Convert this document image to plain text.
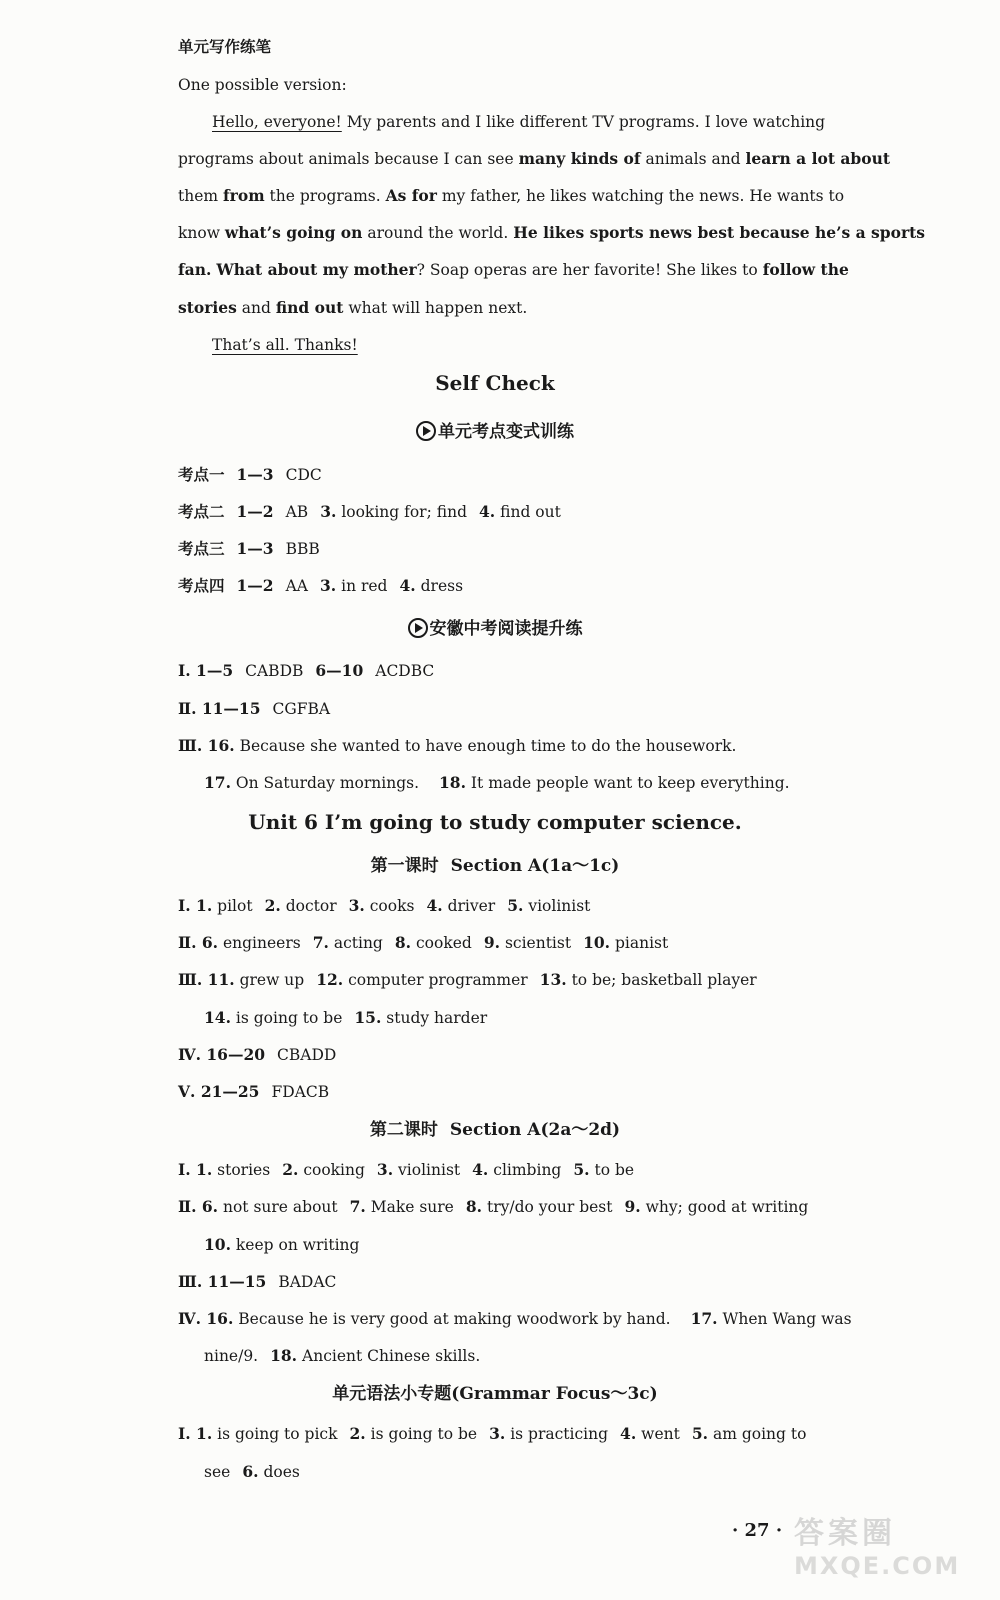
单元写作练笔
One possible version:
Hello, everyone! My parents and I like different TV programs. I love watching
programs about animals because I can see many kinds of animals and learn a lot about
them from the programs. As for my father, he likes watching the news. He wants to
know what’s going on around the world. He likes sports news best because he’s a sports
fan. What about my mother? Soap operas are her favorite! She likes to follow the
stories and find out what will happen next.
That’s all. Thanks!
Self Check
单元考点变式训练
考点一 1—3 CDC
考点二 1—2 AB 3. looking for; find 4. find out
考点三 1—3 BBB
考点四 1—2 AA 3. in red 4. dress
安徽中考阅读提升练
Ⅰ. 1—5 CABDB 6—10 ACDBC
Ⅱ. 11—15 CGFBA
Ⅲ. 16. Because she wanted to have enough time to do the housework.
17. On Saturday mornings. 18. It made people want to keep everything.
Unit 6 I’m going to study computer science.
第一课时 Section A(1a～1c)
Ⅰ. 1. pilot 2. doctor 3. cooks 4. driver 5. violinist
Ⅱ. 6. engineers 7. acting 8. cooked 9. scientist 10. pianist
Ⅲ. 11. grew up 12. computer programmer 13. to be; basketball player
14. is going to be 15. study harder
Ⅳ. 16—20 CBADD
Ⅴ. 21—25 FDACB
第二课时 Section A(2a～2d)
Ⅰ. 1. stories 2. cooking 3. violinist 4. climbing 5. to be
Ⅱ. 6. not sure about 7. Make sure 8. try/do your best 9. why; good at writing
10. keep on writing
Ⅲ. 11—15 BADAC
Ⅳ. 16. Because he is very good at making woodwork by hand. 17. When Wang was
nine/9. 18. Ancient Chinese skills.
单元语法小专题(Grammar Focus～3c)
Ⅰ. 1. is going to pick 2. is going to be 3. is practicing 4. went 5. am going to
see 6. does
· 27 · 答案圈
MXQE.COM
